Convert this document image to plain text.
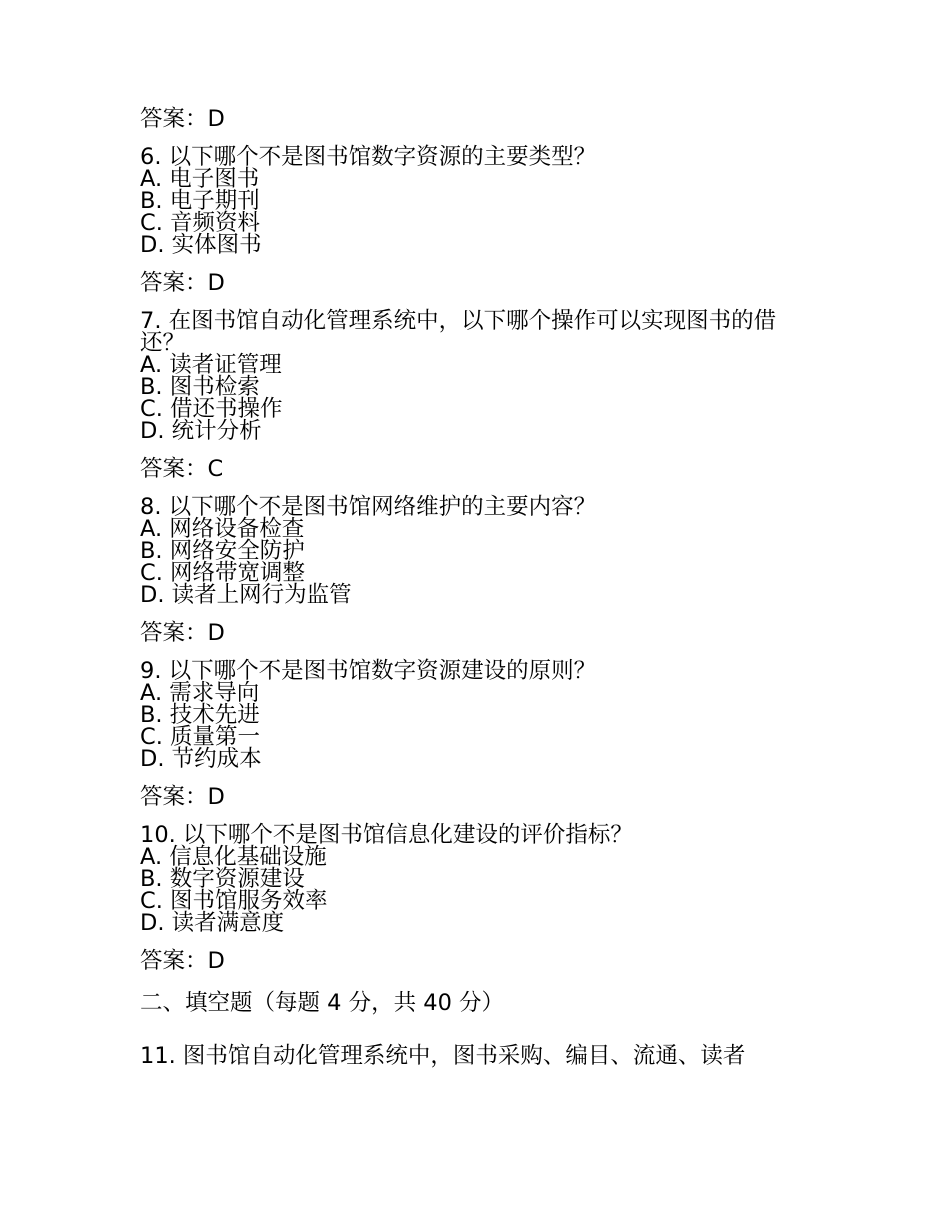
答案：D

6. 以下哪个不是图书馆数字资源的主要类型？

A. 电子图书

B. 电子期刊

C. 音频资料

D. 实体图书

答案：D

7. 在图书馆自动化管理系统中，以下哪个操作可以实现图书的借还？

A. 读者证管理

B. 图书检索

C. 借还书操作

D. 统计分析

答案：C

8. 以下哪个不是图书馆网络维护的主要内容？

A. 网络设备检查

B. 网络安全防护

C. 网络带宽调整

D. 读者上网行为监管

答案：D

9. 以下哪个不是图书馆数字资源建设的原则？

A. 需求导向

B. 技术先进

C. 质量第一

D. 节约成本

答案：D

10. 以下哪个不是图书馆信息化建设的评价指标？

A. 信息化基础设施

B. 数字资源建设

C. 图书馆服务效率

D. 读者满意度

答案：D

二、填空题（每题 4 分，共 40 分）

11. 图书馆自动化管理系统中，图书采购、编目、流通、读者
